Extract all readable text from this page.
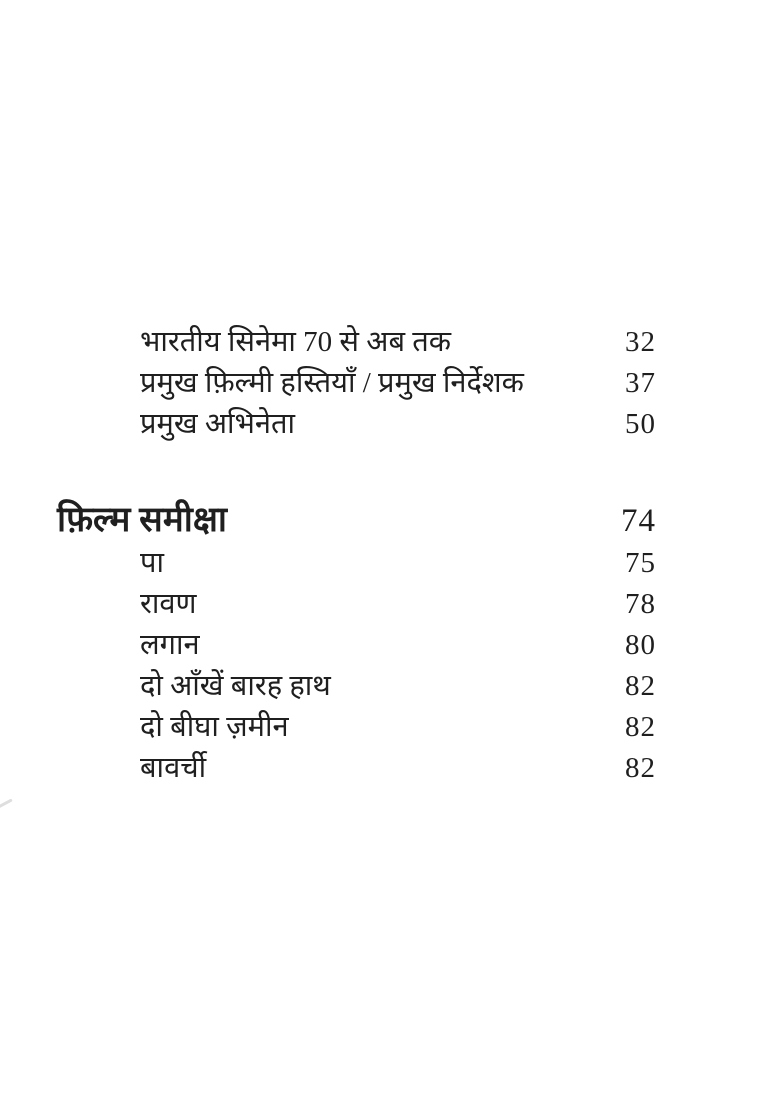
भारतीय सिनेमा 70 से अब तक	32
प्रमुख फ़िल्मी हस्तियाँ / प्रमुख निर्देशक	37
प्रमुख अभिनेता	50
फ़िल्म समीक्षा	74
पा	75
रावण	78
लगान	80
दो आँखें बारह हाथ	82
दो बीघा ज़मीन	82
बावर्ची	82
